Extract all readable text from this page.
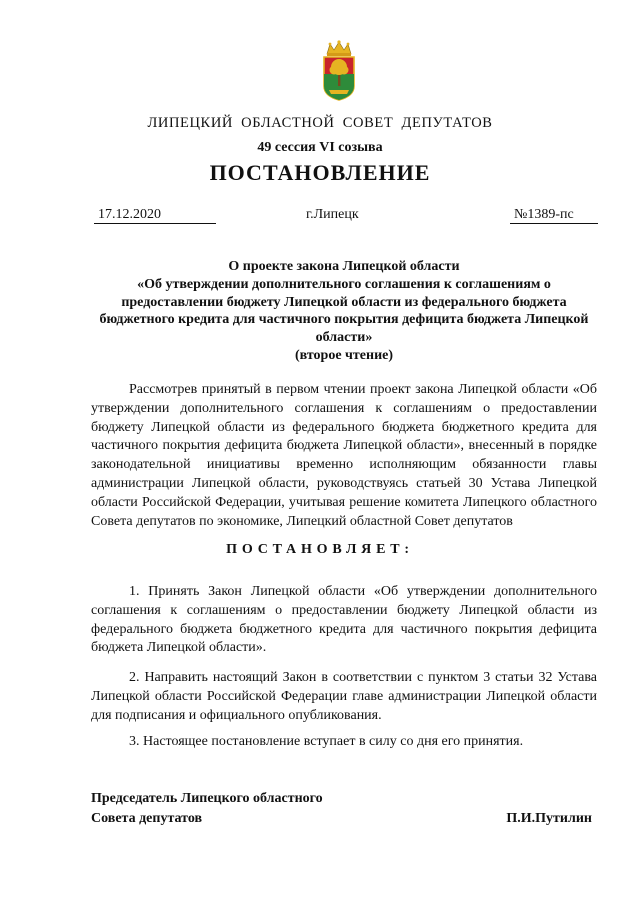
ЛИПЕЦКИЙ ОБЛАСТНОЙ СОВЕТ ДЕПУТАТОВ
49 сессия VI созыва
ПОСТАНОВЛЕНИЕ
17.12.2020	г.Липецк	№1389-пс
О проекте закона Липецкой области
«Об утверждении дополнительного соглашения к соглашениям о предоставлении бюджету Липецкой области из федерального бюджета бюджетного кредита для частичного покрытия дефицита бюджета Липецкой области»
(второе чтение)

Рассмотрев принятый в первом чтении проект закона Липецкой области «Об утверждении дополнительного соглашения к соглашениям о предоставлении бюджету Липецкой области из федерального бюджета бюджетного кредита для частичного покрытия дефицита бюджета Липецкой области», внесенный в порядке законодательной инициативы временно исполняющим обязанности главы администрации Липецкой области, руководствуясь статьей 30 Устава Липецкой области Российской Федерации, учитывая решение комитета Липецкого областного Совета депутатов по экономике, Липецкий областной Совет депутатов

ПОСТАНОВЛЯЕТ:

1. Принять Закон Липецкой области «Об утверждении дополнительного соглашения к соглашениям о предоставлении бюджету Липецкой области из федерального бюджета бюджетного кредита для частичного покрытия дефицита бюджета Липецкой области».

2. Направить настоящий Закон в соответствии с пунктом 3 статьи 32 Устава Липецкой области Российской Федерации главе администрации Липецкой области для подписания и официального опубликования.

3. Настоящее постановление вступает в силу со дня его принятия.

Председатель Липецкого областного
Совета депутатов	П.И.Путилин
